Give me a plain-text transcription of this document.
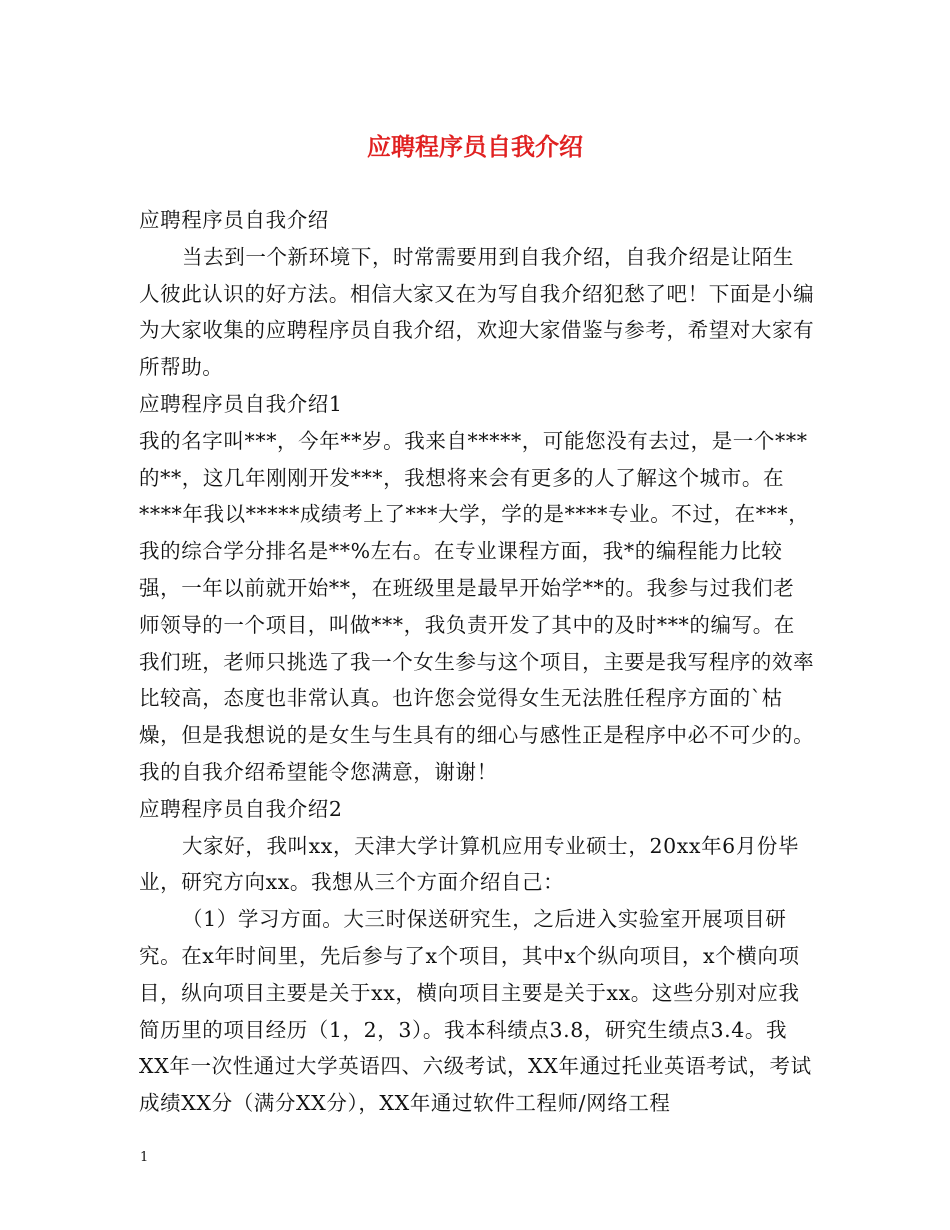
应聘程序员自我介绍

应聘程序员自我介绍

当去到一个新环境下，时常需要用到自我介绍，自我介绍是让陌生人彼此认识的好方法。相信大家又在为写自我介绍犯愁了吧！下面是小编为大家收集的应聘程序员自我介绍，欢迎大家借鉴与参考，希望对大家有所帮助。

应聘程序员自我介绍1

我的名字叫***，今年**岁。我来自*****，可能您没有去过，是一个***的**，这几年刚刚开发***，我想将来会有更多的人了解这个城市。在****年我以*****成绩考上了***大学，学的是****专业。不过，在***，我的综合学分排名是**%左右。在专业课程方面，我*的编程能力比较强，一年以前就开始**，在班级里是最早开始学**的。我参与过我们老师领导的一个项目，叫做***，我负责开发了其中的及时***的编写。在我们班，老师只挑选了我一个女生参与这个项目，主要是我写程序的效率比较高，态度也非常认真。也许您会觉得女生无法胜任程序方面的`枯燥，但是我想说的是女生与生具有的细心与感性正是程序中必不可少的。 我的自我介绍希望能令您满意，谢谢！

应聘程序员自我介绍2

大家好，我叫xx，天津大学计算机应用专业硕士，20xx年6月份毕业，研究方向xx。我想从三个方面介绍自己：

（1）学习方面。大三时保送研究生，之后进入实验室开展项目研究。在x年时间里，先后参与了x个项目，其中x个纵向项目，x个横向项目，纵向项目主要是关于xx，横向项目主要是关于xx。这些分别对应我简历里的项目经历（1，2，3）。我本科绩点3.8，研究生绩点3.4。我XX年一次性通过大学英语四、六级考试，XX年通过托业英语考试，考试成绩XX分（满分XX分），XX年通过软件工程师/网络工程

1
